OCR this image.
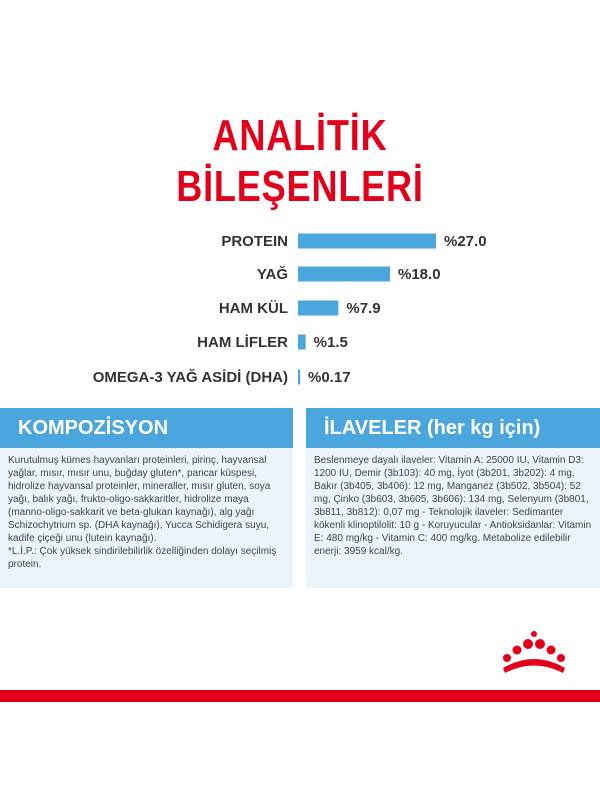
ANALİTİK
BİLEŞENLERİ
PROTEIN	%27.0
YAĞ	%18.0
HAM KÜL	%7.9
HAM LİFLER %1.5
OMEGA-3 YAĞ ASİDİ (DHA) %0.17
KOMPOZİSYON

Kurutulmuş kümes hayvanları proteinleri, pirinç, hayvansal yağlar, mısır, mısır unu, buğday gluten*, pancar küspesi, hidrolize hayvansal proteinler, mineraller, mısır gluten, soya yağı, balık yağı, frukto-oligo-sakkaritler, hidrolize maya (manno-oligo-sakkarit ve beta-glukan kaynağı), alg yağı Schizochytrium sp. (DHA kaynağı), Yucca Schidigera suyu, kadife çiçeği unu (lutein kaynağı).

*L.İ.P.: Çok yüksek sindirilebilirlik özelliğinden dolayı seçilmiş protein.

İLAVELER (her kg için)

Beslenmeye dayalı ilaveler: Vitamin A: 25000 IU, Vitamin D3: 1200 IU, Demir (3b103): 40 mg, İyot (3b201, 3b202): 4 mg, Bakır (3b405, 3b406): 12 mg, Manganez (3b502, 3b504): 52 mg, Çinko (3b603, 3b605, 3b606): 134 mg, Selenyum (3b801, 3b811, 3b812): 0,07 mg - Teknolojik ilaveler: Sedimanter kökenli klinoptilolit: 10 g - Koruyucular - Antioksidanlar: Vitamin E: 480 mg/kg - Vitamin C: 400 mg/kg. Metabolize edilebilir enerji: 3959 kcal/kg.
